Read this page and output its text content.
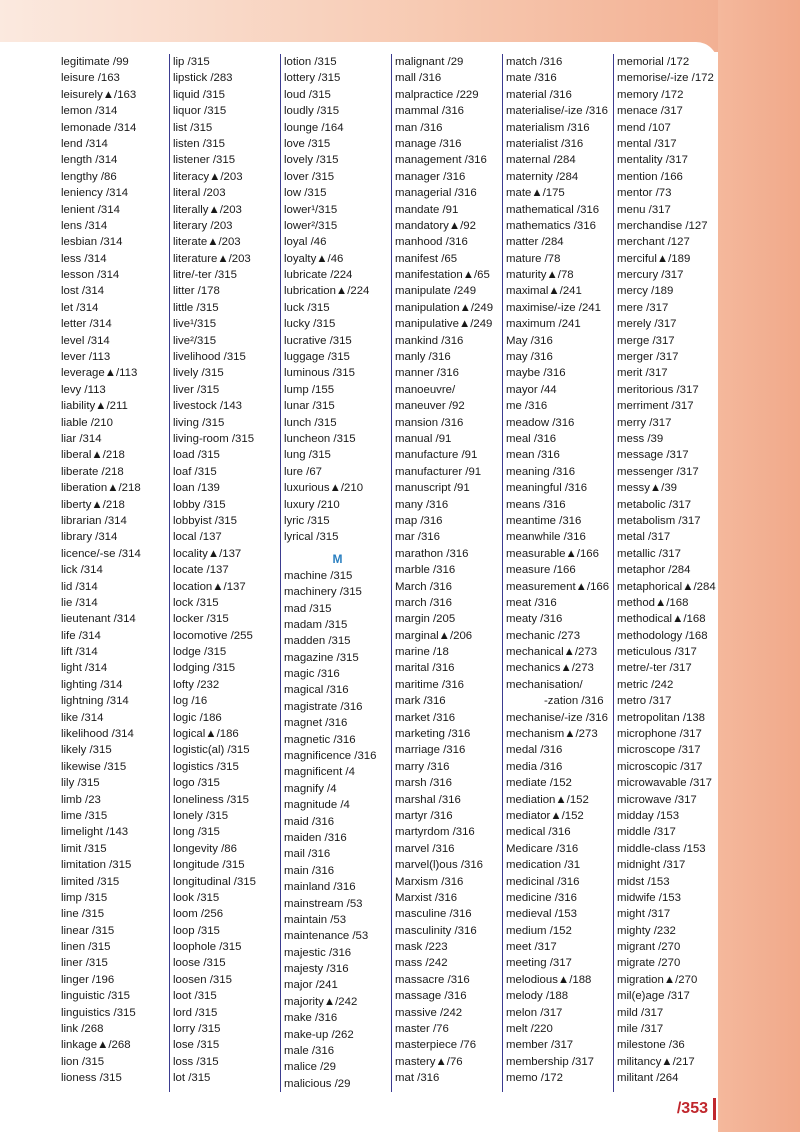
legitimate /99
leisure /163
leisurely▲/163
lemon /314
lemonade /314
lend /314
length /314
lengthy /86
leniency /314
lenient /314
lens /314
lesbian /314
less /314
lesson /314
lost /314
let /314
letter /314
level /314
lever /113
leverage▲/113
levy /113
liability▲/211
liable /210
liar /314
liberal▲/218
liberate /218
liberation▲/218
liberty▲/218
librarian /314
library /314
licence/-se /314
lick /314
lid /314
lie /314
lieutenant /314
life /314
lift /314
light /314
lighting /314
lightning /314
like /314
likelihood /314
likely /315
likewise /315
lily /315
limb /23
lime /315
limelight /143
limit /315
limitation /315
limited /315
limp /315
line /315
linear /315
linen /315
liner /315
linger /196
linguistic /315
linguistics /315
link /268
linkage▲/268
lion /315
lioness /315
lip /315
lipstick /283
liquid /315
liquor /315
list /315
listen /315
listener /315
literacy▲/203
literal /203
literally▲/203
literary /203
literate▲/203
literature▲/203
litre/-ter /315
litter /178
little /315
live¹/315
live²/315
livelihood /315
lively /315
liver /315
livestock /143
living /315
living-room /315
load /315
loaf /315
loan /139
lobby /315
lobbyist /315
local /137
locality▲/137
locate /137
location▲/137
lock /315
locker /315
locomotive /255
lodge /315
lodging /315
lofty /232
log /16
logic /186
logical▲/186
logistic(al) /315
logistics /315
logo /315
loneliness /315
lonely /315
long /315
longevity /86
longitude /315
longitudinal /315
look /315
loom /256
loop /315
loophole /315
loose /315
loosen /315
loot /315
lord /315
lorry /315
lose /315
loss /315
lot /315
lotion /315
lottery /315
loud /315
loudly /315
lounge /164
love /315
lovely /315
lover /315
low /315
lower¹/315
lower²/315
loyal /46
loyalty▲/46
lubricate /224
lubrication▲/224
luck /315
lucky /315
lucrative /315
luggage /315
luminous /315
lump /155
lunar /315
lunch /315
luncheon /315
lung /315
lure /67
luxurious▲/210
luxury /210
lyric /315
lyrical /315
M
machine /315
machinery /315
mad /315
madam /315
madden /315
magazine /315
magic /316
magical /316
magistrate /316
magnet /316
magnetic /316
magnificence /316
magnificent /4
magnify /4
magnitude /4
maid /316
maiden /316
mail /316
main /316
mainland /316
mainstream /53
maintain /53
maintenance /53
majestic /316
majesty /316
major /241
majority▲/242
make /316
make-up /262
male /316
malice /29
malicious /29
malignant /29
mall /316
malpractice /229
mammal /316
man /316
manage /316
management /316
manager /316
managerial /316
mandate /91
mandatory▲/92
manhood /316
manifest /65
manifestation▲/65
manipulate /249
manipulation▲/249
manipulative▲/249
mankind /316
manly /316
manner /316
manoeuvre/
maneuver /92
mansion /316
manual /91
manufacture /91
manufacturer /91
manuscript /91
many /316
map /316
mar /316
marathon /316
marble /316
March /316
march /316
margin /205
marginal▲/206
marine /18
marital /316
maritime /316
mark /316
market /316
marketing /316
marriage /316
marry /316
marsh /316
marshal /316
martyr /316
martyrdom /316
marvel /316
marvel(l)ous /316
Marxism /316
Marxist /316
masculine /316
masculinity /316
mask /223
mass /242
massacre /316
massage /316
massive /242
master /76
masterpiece /76
mastery▲/76
mat /316
match /316
mate /316
material /316
materialise/-ize /316
materialism /316
materialist /316
maternal /284
maternity /284
mate▲/175
mathematical /316
mathematics /316
matter /284
mature /78
maturity▲/78
maximal▲/241
maximise/-ize /241
maximum /241
May /316
may /316
maybe /316
mayor /44
me /316
meadow /316
meal /316
mean /316
meaning /316
meaningful /316
means /316
meantime /316
meanwhile /316
measurable▲/166
measure /166
measurement▲/166
meat /316
meaty /316
mechanic /273
mechanical▲/273
mechanics▲/273
mechanisation/
-zation /316
mechanise/-ize /316
mechanism▲/273
medal /316
media /316
mediate /152
mediation▲/152
mediator▲/152
medical /316
Medicare /316
medication /31
medicinal /316
medicine /316
medieval /153
medium /152
meet /317
meeting /317
melodious▲/188
melody /188
melon /317
melt /220
member /317
membership /317
memo /172
memorial /172
memorise/-ize /172
memory /172
menace /317
mend /107
mental /317
mentality /317
mention /166
mentor /73
menu /317
merchandise /127
merchant /127
merciful▲/189
mercury /317
mercy /189
mere /317
merely /317
merge /317
merger /317
merit /317
meritorious /317
merriment /317
merry /317
mess /39
message /317
messenger /317
messy▲/39
metabolic /317
metabolism /317
metal /317
metallic /317
metaphor /284
metaphorical▲/284
method▲/168
methodical▲/168
methodology /168
meticulous /317
metre/-ter /317
metric /242
metro /317
metropolitan /138
microphone /317
microscope /317
microscopic /317
microwavable /317
microwave /317
midday /153
middle /317
middle-class /153
midnight /317
midst /153
midwife /153
might /317
mighty /232
migrant /270
migrate /270
migration▲/270
mil(e)age /317
mild /317
mile /317
milestone /36
militancy▲/217
militant /264
/353
